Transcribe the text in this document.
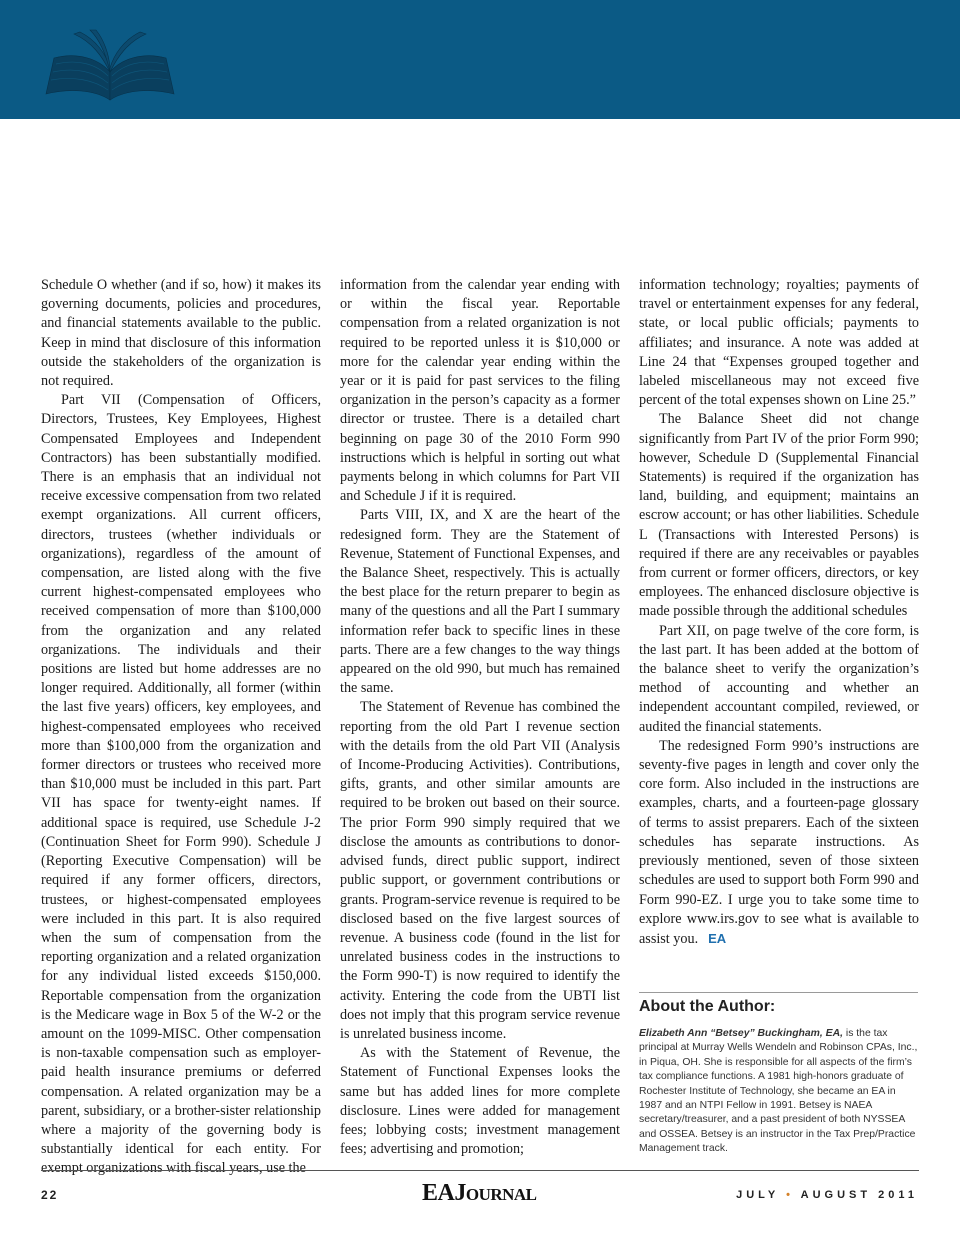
Schedule O whether (and if so, how) it makes its governing documents, policies and procedures, and financial statements available to the public. Keep in mind that disclosure of this information outside the stakeholders of the organization is not required.

Part VII (Compensation of Officers, Directors, Trustees, Key Employees, Highest Compensated Employees and Independent Contractors) has been substantially modified. There is an emphasis that an individual not receive excessive compensation from two related exempt organizations. All current officers, directors, trustees (whether individuals or organizations), regardless of the amount of compensation, are listed along with the five current highest-compensated employees who received compensation of more than $100,000 from the organization and any related organizations. The individuals and their positions are listed but home addresses are no longer required. Additionally, all former (within the last five years) officers, key employees, and highest-compensated employees who received more than $100,000 from the organization and former directors or trustees who received more than $10,000 must be included in this part. Part VII has space for twenty-eight names. If additional space is required, use Schedule J-2 (Continuation Sheet for Form 990). Schedule J (Reporting Executive Compensation) will be required if any former officers, directors, trustees, or highest-compensated employees were included in this part. It is also required when the sum of compensation from the reporting organization and a related organization for any individual listed exceeds $150,000. Reportable compensation from the organization is the Medicare wage in Box 5 of the W-2 or the amount on the 1099-MISC. Other compensation is non-taxable compensation such as employer-paid health insurance premiums or deferred compensation. A related organization may be a parent, subsidiary, or a brother-sister relationship where a majority of the governing body is substantially identical for each entity. For exempt organizations with fiscal years, use the

information from the calendar year ending with or within the fiscal year. Reportable compensation from a related organization is not required to be reported unless it is $10,000 or more for the calendar year ending within the year or it is paid for past services to the filing organization in the person’s capacity as a former director or trustee. There is a detailed chart beginning on page 30 of the 2010 Form 990 instructions which is helpful in sorting out what payments belong in which columns for Part VII and Schedule J if it is required.

Parts VIII, IX, and X are the heart of the redesigned form. They are the Statement of Revenue, Statement of Functional Expenses, and the Balance Sheet, respectively. This is actually the best place for the return preparer to begin as many of the questions and all the Part I summary information refer back to specific lines in these parts. There are a few changes to the way things appeared on the old 990, but much has remained the same.

The Statement of Revenue has combined the reporting from the old Part I revenue section with the details from the old Part VII (Analysis of Income-Producing Activities). Contributions, gifts, grants, and other similar amounts are required to be broken out based on their source. The prior Form 990 simply required that we disclose the amounts as contributions to donor-advised funds, direct public support, indirect public support, or government contributions or grants. Program-service revenue is required to be disclosed based on the five largest sources of revenue. A business code (found in the list for unrelated business codes in the instructions to the Form 990-T) is now required to identify the activity. Entering the code from the UBTI list does not imply that this program service revenue is unrelated business income.

As with the Statement of Revenue, the Statement of Functional Expenses looks the same but has added lines for more complete disclosure. Lines were added for management fees; lobbying costs; investment management fees; advertising and promotion;

information technology; royalties; payments of travel or entertainment expenses for any federal, state, or local public officials; payments to affiliates; and insurance. A note was added at Line 24 that “Expenses grouped together and labeled miscellaneous may not exceed five percent of the total expenses shown on Line 25.”

The Balance Sheet did not change significantly from Part IV of the prior Form 990; however, Schedule D (Supplemental Financial Statements) is required if the organization has land, building, and equipment; maintains an escrow account; or has other liabilities. Schedule L (Transactions with Interested Persons) is required if there are any receivables or payables from current or former officers, directors, or key employees. The enhanced disclosure objective is made possible through the additional schedules

Part XII, on page twelve of the core form, is the last part. It has been added at the bottom of the balance sheet to verify the organization’s method of accounting and whether an independent accountant compiled, reviewed, or audited the financial statements.

The redesigned Form 990’s instructions are seventy-five pages in length and cover only the core form. Also included in the instructions are examples, charts, and a fourteen-page glossary of terms to assist preparers. Each of the sixteen schedules has separate instructions. As previously mentioned, seven of those sixteen schedules are used to support both Form 990 and Form 990-EZ. I urge you to take some time to explore www.irs.gov to see what is available to assist you. EA

About the Author:

Elizabeth Ann “Betsey” Buckingham, EA, is the tax principal at Murray Wells Wendeln and Robinson CPAs, Inc., in Piqua, OH. She is responsible for all aspects of the firm’s tax compliance functions. A 1981 high-honors graduate of Rochester Institute of Technology, she became an EA in 1987 and an NTPI Fellow in 1991. Betsey is NAEA secretary/treasurer, and a past president of both NYSSEA and OSSEA. Betsey is an instructor in the Tax Prep/Practice Management track.

22	EAJournal	JULY • AUGUST 2011
